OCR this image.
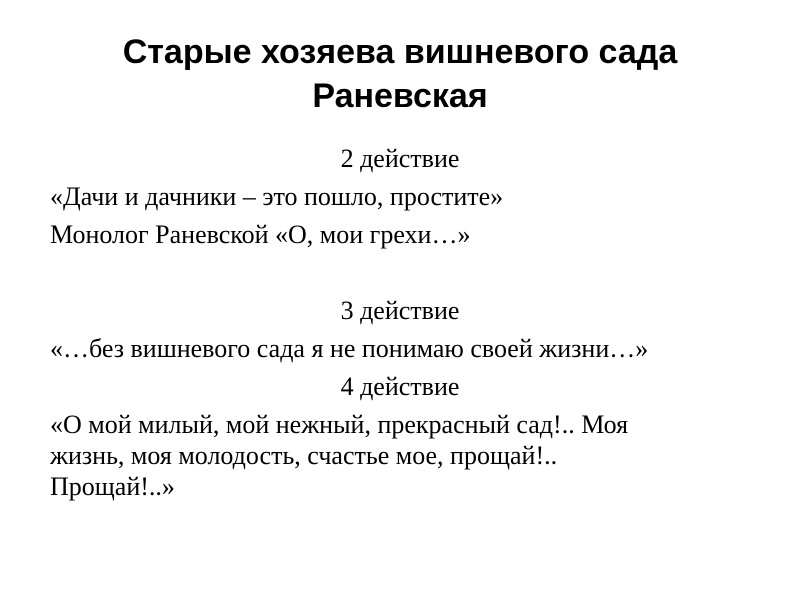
Старые хозяева вишневого сада
Раневская
2 действие
«Дачи и дачники – это пошло, простите»
Монолог Раневской «О, мои грехи…»
3 действие
«…без вишневого сада я не понимаю своей жизни…»
4 действие
«О мой милый, мой нежный, прекрасный сад!.. Моя
жизнь, моя молодость, счастье мое, прощай!..
Прощай!..»
